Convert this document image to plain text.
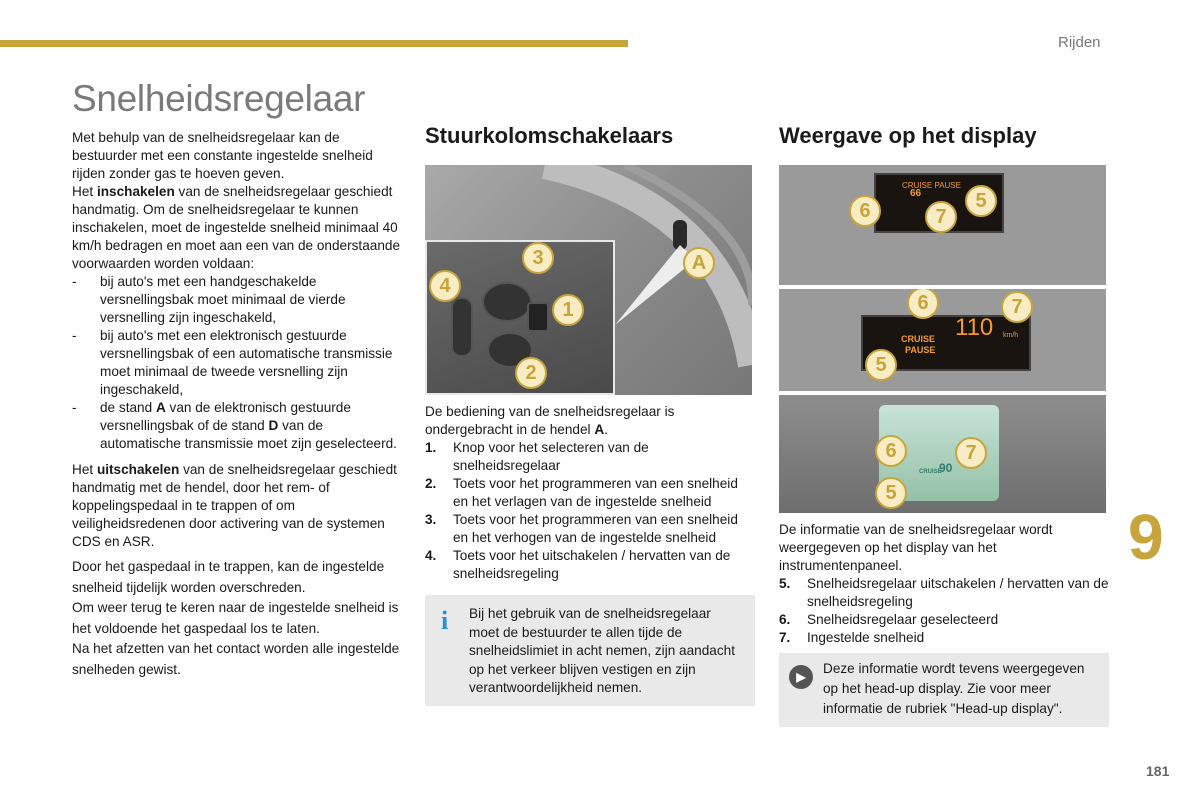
Rijden
Snelheidsregelaar
9
181

Met behulp van de snelheidsregelaar kan de bestuurder met een constante ingestelde snelheid rijden zonder gas te hoeven geven.

Het inschakelen van de snelheidsregelaar geschiedt handmatig. Om de snelheidsregelaar te kunnen inschakelen, moet de ingestelde snelheid minimaal 40 km/h bedragen en moet aan een van de onderstaande voorwaarden worden voldaan:

- bij auto's met een handgeschakelde versnellingsbak moet minimaal de vierde versnelling zijn ingeschakeld,
- bij auto's met een elektronisch gestuurde versnellingsbak of een automatische transmissie moet minimaal de tweede versnelling zijn ingeschakeld,
- de stand A van de elektronisch gestuurde versnellingsbak of de stand D van de automatische transmissie moet zijn geselecteerd.

Het uitschakelen van de snelheidsregelaar geschiedt handmatig met de hendel, door het rem- of koppelingspedaal in te trappen of om veiligheidsredenen door activering van de systemen CDS en ASR.

Door het gaspedaal in te trappen, kan de ingestelde snelheid tijdelijk worden overschreden.

Om weer terug te keren naar de ingestelde snelheid is het voldoende het gaspedaal los te laten.

Na het afzetten van het contact worden alle ingestelde snelheden gewist.

Stuurkolomschakelaars
A
1
2
3
4

De bediening van de snelheidsregelaar is ondergebracht in de hendel A.

1. Knop voor het selecteren van de snelheidsregelaar
2. Toets voor het programmeren van een snelheid en het verlagen van de ingestelde snelheid
3. Toets voor het programmeren van een snelheid en het verhogen van de ingestelde snelheid
4. Toets voor het uitschakelen / hervatten van de snelheidsregeling
i	Bij het gebruik van de snelheidsregelaar moet de bestuurder te allen tijde de snelheidslimiet in acht nemen, zijn aandacht op het verkeer blijven vestigen en zijn verantwoordelijkheid nemen.
Weergave op het display
CRUISE PAUSE
66	5
6	7
CRUISE
PAUSE
110 km/h
6	7
5
CRUISE
90
6	7
5

De informatie van de snelheidsregelaar wordt weergegeven op het display van het instrumentenpaneel.

5. Snelheidsregelaar uitschakelen / hervatten van de snelheidsregeling
6. Snelheidsregelaar geselecteerd
7. Ingestelde snelheid
▶
Deze informatie wordt tevens weergegeven op het head-up display. Zie voor meer informatie de rubriek "Head-up display".
